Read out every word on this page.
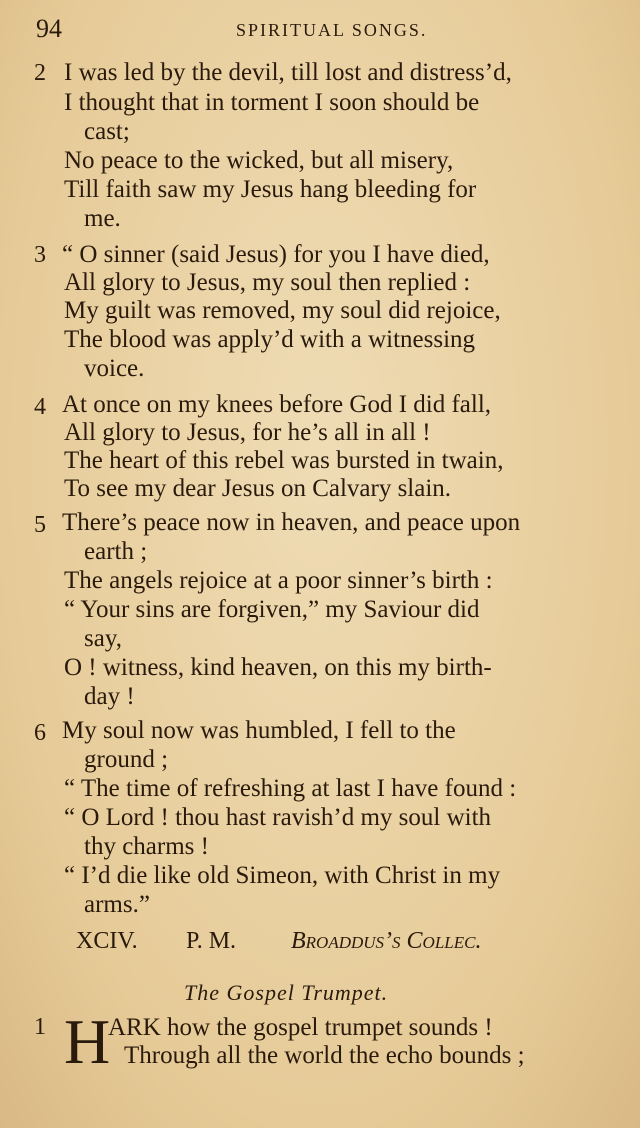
94	SPIRITUAL SONGS.
2 I was led by the devil, till lost and distress’d,
I thought that in torment I soon should be
cast;
No peace to the wicked, but all misery,
Till faith saw my Jesus hang bleeding for
me.
3 “ O sinner (said Jesus) for you I have died,
All glory to Jesus, my soul then replied :
My guilt was removed, my soul did rejoice,
The blood was apply’d with a witnessing
voice.
4 At once on my knees before God I did fall,
All glory to Jesus, for he’s all in all !
The heart of this rebel was bursted in twain,
To see my dear Jesus on Calvary slain.
5 There’s peace now in heaven, and peace upon
earth ;
The angels rejoice at a poor sinner’s birth :
“ Your sins are forgiven,” my Saviour did
say,
O ! witness, kind heaven, on this my birth-
day !
6 My soul now was humbled, I fell to the
ground ;
“ The time of refreshing at last I have found :
“ O Lord ! thou hast ravish’d my soul with
thy charms !
“ I’d die like old Simeon, with Christ in my
arms.”
XCIV. P. M. Broaddus’s Collec.
The Gospel Trumpet.
1 H
ARK how the gospel trumpet sounds !
Through all the world the echo bounds ;
